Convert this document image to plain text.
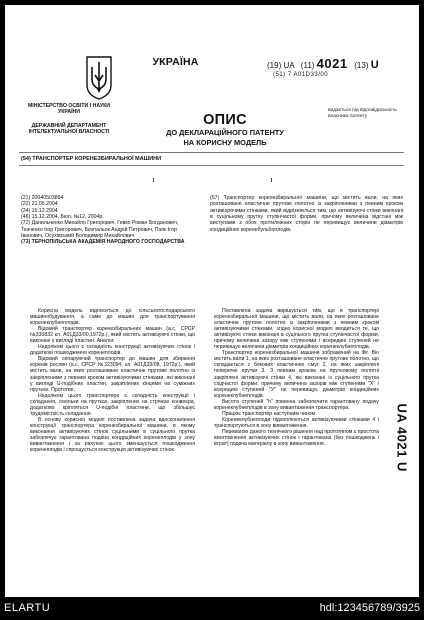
МІНІСТЕРСТВО ОСВІТИ І НАУКИ УКРАЇНИ
ДЕРЖАВНИЙ ДЕПАРТАМЕНТ ІНТЕЛЕКТУАЛЬНОЇ ВЛАСНОСТІ
УКРАЇНА	(19) UA (11) 4021 (13) U
(51) 7 A01D33/00
ОПИС
ДО ДЕКЛАРАЦІЙНОГО ПАТЕНТУ
НА КОРИСНУ МОДЕЛЬ
видається під відповідальність власника патенту
(54) ТРАНСПОРТЕР КОРЕНЕЗБИРАЛЬНОЇ МАШИНИ
(21) 20040503854
(22) 21.05.2004
(24) 15.12.2004
(46) 15.12.2004, Бюл. №12, 2004р.
(72) Данильченко Михайло Григорович, Гевко Роман Богданович, Ткаченко Ігор Григорович, Безпальок Андрій Петрович, Паяк Ігор Іванович, Осухівський Володимир Михайлович
(73) ТЕРНОПІЛЬСЬКА АКАДЕМІЯ НАРОДНОГО ГОСПОДАРСТВА
(57) Транспортер коренезбиральної машини, що містить вали, на яких розташоване еластичне прутове полотно із закріпленими з певним кроком активізуючими стінками, який відрізняється тим, що активізуючі стінки виконані в суцільному прутку ступінчастої форми, причому величина відстані між виступами з обох протилежних сторін не перевищує величини діаметрів кондиційних коренебульбоплодів.

Корисна модель відноситься до сільськогосподарського машинобудування, а саме до машин для транспортування коренеклубнеплодів.

Відомий транспортер коренезбиральних машин (а.с. СРСР №330832 кл. A01Д33/00,1972р.), який містить активізуючі стінки, що виконані у вигляді пластин. Аналог.

Недоліком цього є складність конструкції активізуючих стінок і додаткові пошкодження коренеплодів.

Відомий сепаруючий транспортер до машин для збирання коренів рослин (а.с. СРСР №323094, кл. A01Д33/08, 1972р.), який містить вали, на яких розташоване еластичне прутове полотно із закріпленими з певним кроком активізуючими стінками, які виконані у вигляді U-подібних пластин, закріплених кінцями на суміжних прутках. Прототип.

Недоліком цього транспортера є складність конструкції і складання, оскільки на прутках, закріплених на стрічках конвеєра, додатково кріпляться U-подібні пластини, що збільшує трудомісткість складання.

В основу корисної моделі поставлена задача вдосконалення конструкції транспортера коренезбиральної машини, в якому виконання активізуючих стінок суцільними в суцільного прутка забезпечує гарантована подача кондиційних коренеплодів у зону вивантаження і за рахунок цього зменшується пошкодження коренеплодів і спрощується конструкція активізуючих стінок.

Поставлена задача вирішується тим, що в транспортері коренезбиральної машини, що містить вали, на яких розташоване еластичне прутове полотно із закріпленими з певним кроком активізуючими стінками, згідно корисної моделі вводиться те, що активізуючі стінки виконані в суцільного прутка ступінчастої форми, причому величина зазору між ступенями і всередині ступеней не перевищує величини діаметрів кондиційних коренеклубнеплодів.

Транспортер коренезбиральної машини зображений на Фіг. Він містить вали 1, на яких розташоване еластичне прутове полотно, що складається з бокових еластичних смуг 2, на яких закріплені поперечні прутки 3. З певним кроком на прутковому полотні закріплені активізуючі стінки 4, які виконані із суцільного прутка східчастої форми, причому величина зазорів між ступенями "Х" і всередині ступеней "У" не перевищує діаметрів кондиційних коренеклубнеплодів.

Висота ступеней "h" повинна забезпечити гарантовану подачу коренеклубнеплодів в зону вивантаження транспортера.

Працює транспортер наступним чином.

Коренеклубнеплоди підхоплюються активізуючими стінками 4 і транспортуються в зону вивантаження.

Перевагою даного технічного рішення над прототипом є простота виготовлення активізуючих стінок і гарантована (без пошкоджень і втрат) подача матеріалу в зону вивантаження.	UA 4021 U
ELARTU	hdl:123456789/3925
